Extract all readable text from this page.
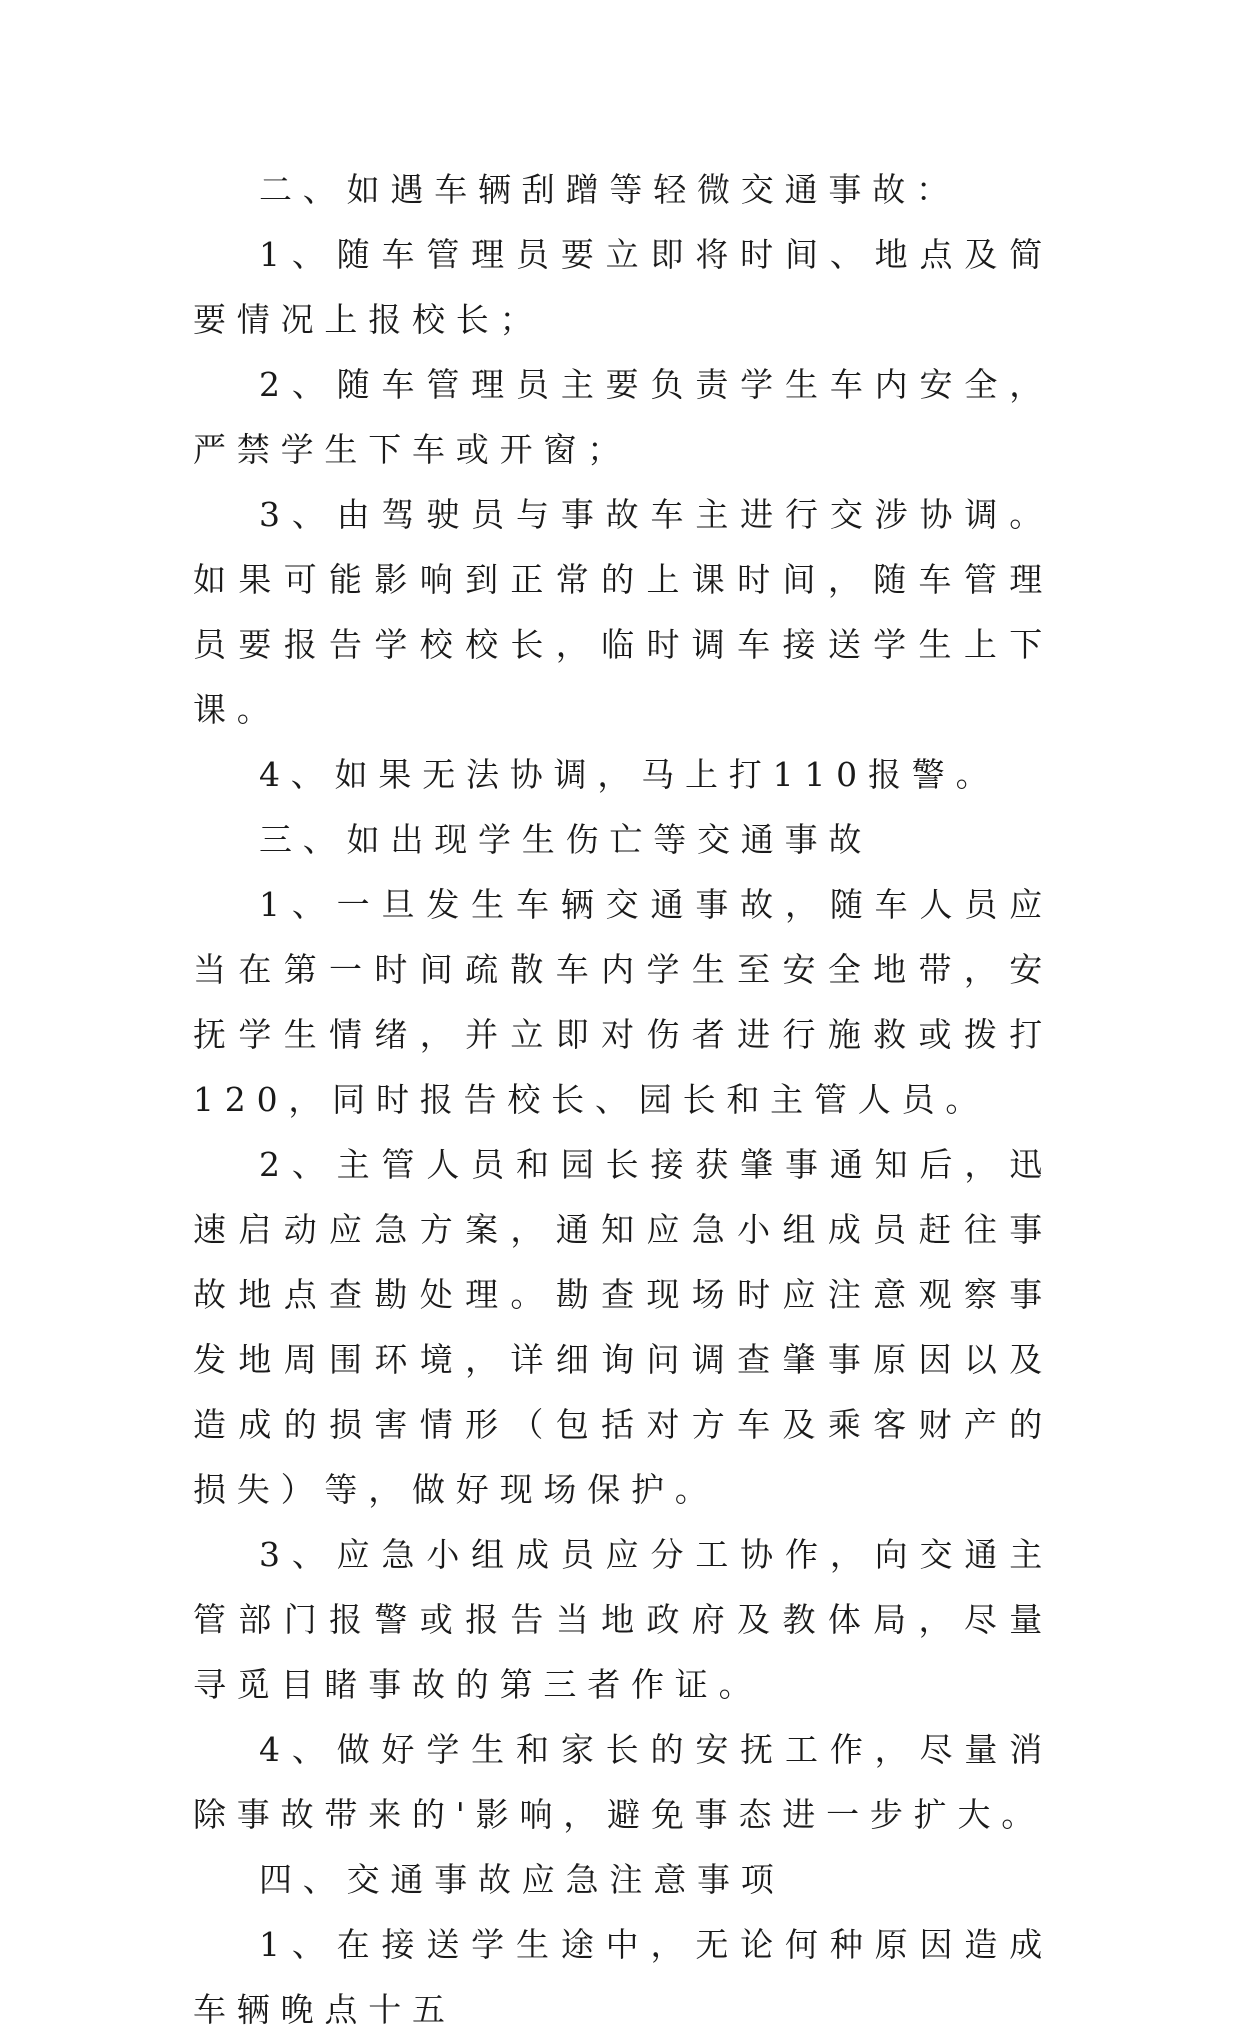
二、如遇车辆刮蹭等轻微交通事故：

1、随车管理员要立即将时间、地点及简要情况上报校长；

2、随车管理员主要负责学生车内安全，严禁学生下车或开窗；

3、由驾驶员与事故车主进行交涉协调。如果可能影响到正常的上课时间，随车管理员要报告学校校长，临时调车接送学生上下课。

4、如果无法协调，马上打110报警。

三、如出现学生伤亡等交通事故

1、一旦发生车辆交通事故，随车人员应当在第一时间疏散车内学生至安全地带，安抚学生情绪，并立即对伤者进行施救或拨打120，同时报告校长、园长和主管人员。

2、主管人员和园长接获肇事通知后，迅速启动应急方案，通知应急小组成员赶往事故地点查勘处理。勘查现场时应注意观察事发地周围环境，详细询问调查肇事原因以及造成的损害情形（包括对方车及乘客财产的损失）等，做好现场保护。

3、应急小组成员应分工协作，向交通主管部门报警或报告当地政府及教体局，尽量寻觅目睹事故的第三者作证。

4、做好学生和家长的安抚工作，尽量消除事故带来的'影响，避免事态进一步扩大。

四、交通事故应急注意事项

1、在接送学生途中，无论何种原因造成车辆晚点十五
